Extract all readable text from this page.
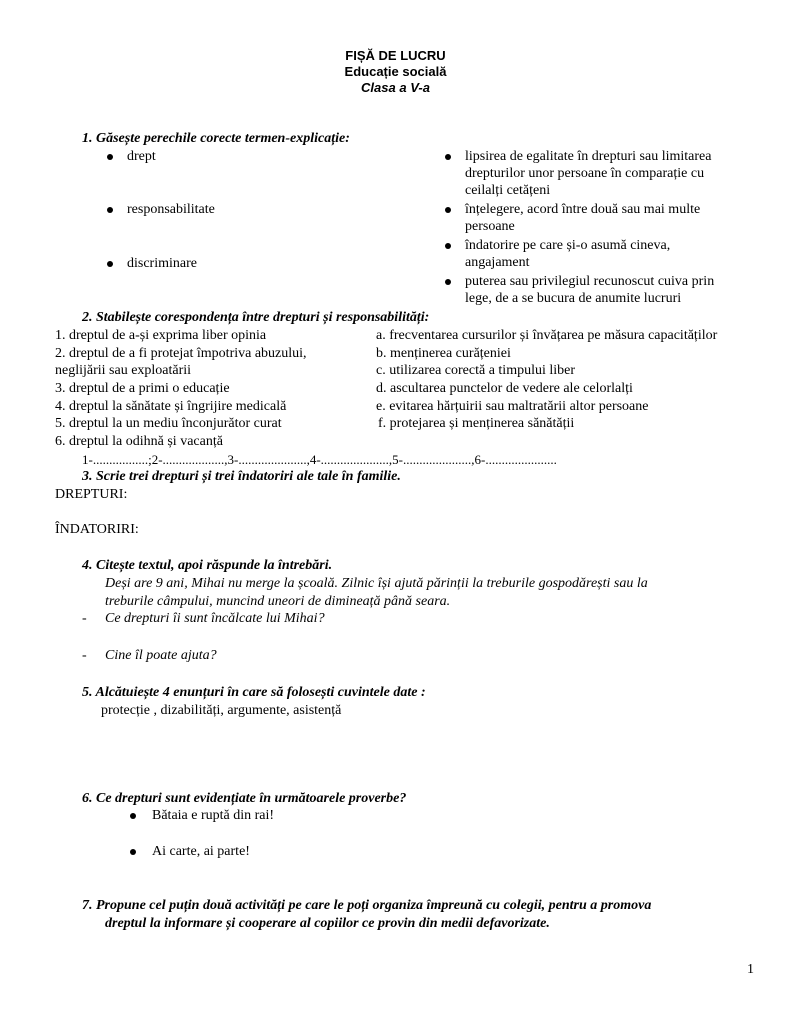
FIȘĂ DE LUCRU
Educație socială
Clasa a V-a
1. Găsește perechile corecte termen-explicație:
drept
responsabilitate
discriminare
lipsirea de egalitate în drepturi sau limitarea
drepturilor unor persoane în comparație cu
ceilalți cetățeni
înțelegere, acord între două sau mai multe
persoane
îndatorire pe care și-o asumă cineva,
angajament
puterea sau privilegiul recunoscut cuiva prin
lege, de a se bucura de anumite lucruri
2. Stabilește corespondența între drepturi și responsabilități:
1. dreptul de a-și exprima liber opinia
2. dreptul de a fi protejat împotriva abuzului,
neglijării sau exploatării
3. dreptul de a primi o educație
4. dreptul la sănătate și îngrijire medicală
5. dreptul la un mediu înconjurător curat
6. dreptul la odihnă și vacanță
a. frecventarea cursurilor și învățarea pe măsura capacităților
b. menținerea curățeniei
c. utilizarea corectă a timpului liber
d. ascultarea punctelor de vedere ale celorlalți
e. evitarea hărțuirii sau maltratării altor persoane
f. protejarea și menținerea sănătății
1-.................;2-...................,3-.....................,4-.....................,5-.....................,6-......................
3. Scrie trei drepturi și trei îndatoriri ale tale în familie.
DREPTURI:
ÎNDATORIRI:
4. Citește textul, apoi răspunde la întrebări.
Deși are 9 ani, Mihai nu merge la școală. Zilnic își ajută părinții la treburile gospodărești sau la
treburile câmpului, muncind uneori de dimineață până seara.
- Ce drepturi îi sunt încălcate lui Mihai?
- Cine îl poate ajuta?
5. Alcătuiește 4 enunțuri în care să folosești cuvintele date :
protecție , dizabilități, argumente, asistență
6. Ce drepturi sunt evidențiate în următoarele proverbe?
Bătaia e ruptă din rai!
Ai carte, ai parte!
7. Propune cel puțin două activități pe care le poți organiza împreună cu colegii, pentru a promova
dreptul la informare și cooperare al copiilor ce provin din medii defavorizate.
1
